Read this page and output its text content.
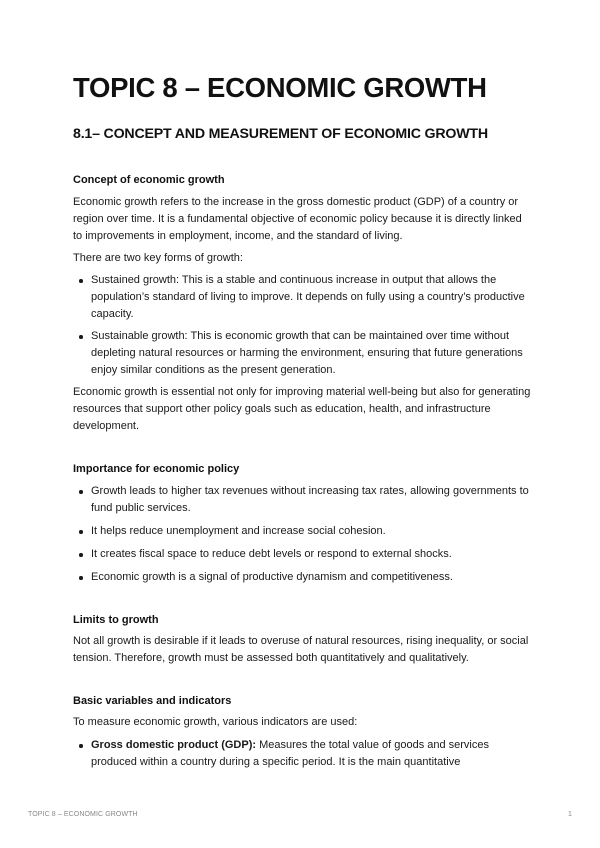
TOPIC 8 – ECONOMIC GROWTH
8.1– CONCEPT AND MEASUREMENT OF ECONOMIC GROWTH
Concept of economic growth

Economic growth refers to the increase in the gross domestic product (GDP) of a country or region over time. It is a fundamental objective of economic policy because it is directly linked to improvements in employment, income, and the standard of living.

There are two key forms of growth:

Sustained growth: This is a stable and continuous increase in output that allows the population’s standard of living to improve. It depends on fully using a country’s productive capacity.
Sustainable growth: This is economic growth that can be maintained over time without depleting natural resources or harming the environment, ensuring that future generations enjoy similar conditions as the present generation.

Economic growth is essential not only for improving material well-being but also for generating resources that support other policy goals such as education, health, and infrastructure development.

Importance for economic policy
Growth leads to higher tax revenues without increasing tax rates, allowing governments to fund public services.
It helps reduce unemployment and increase social cohesion.
It creates fiscal space to reduce debt levels or respond to external shocks.
Economic growth is a signal of productive dynamism and competitiveness.
Limits to growth

Not all growth is desirable if it leads to overuse of natural resources, rising inequality, or social tension. Therefore, growth must be assessed both quantitatively and qualitatively.

Basic variables and indicators

To measure economic growth, various indicators are used:

Gross domestic product (GDP): Measures the total value of goods and services produced within a country during a specific period. It is the main quantitative
TOPIC 8 – ECONOMIC GROWTH	1
